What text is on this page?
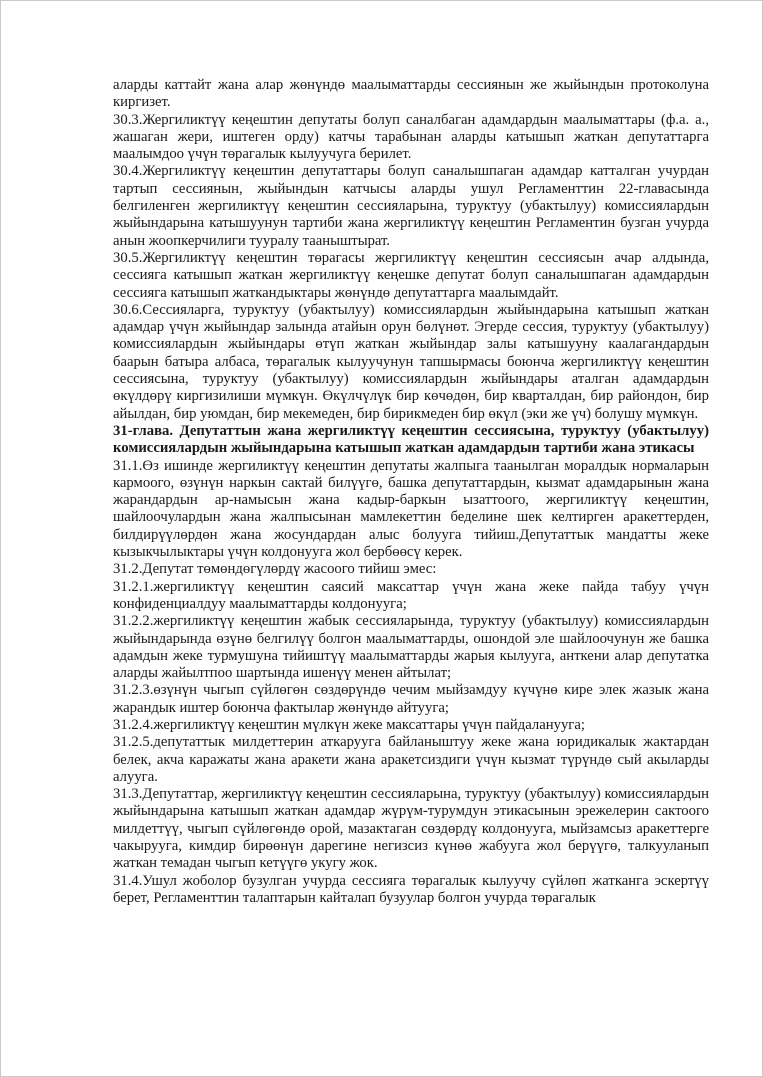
аларды каттайт жана алар жөнүндө маалыматтарды сессиянын же жыйындын протоколуна киргизет.

30.3.Жергиликтүү кеңештин депутаты болуп саналбаган адамдардын маалыматтары (ф.а. а., жашаган жери, иштеген орду) катчы тарабынан аларды катышып жаткан депутаттарга маалымдоо үчүн төрагалык кылуучуга берилет.

30.4.Жергиликтүү кеңештин депутаттары болуп саналышпаган адамдар катталган учурдан тартып сессиянын, жыйындын катчысы аларды ушул Регламенттин 22-главасында белгиленген жергиликтүү кеңештин сессияларына, туруктуу (убактылуу) комиссиялардын жыйындарына катышуунун тартиби жана жергиликтүү кеңештин Регламентин бузган учурда анын жоопкерчилиги тууралу тааныштырат.

30.5.Жергиликтүү кеңештин төрагасы жергиликтүү кеңештин сессиясын ачар алдында, сессияга катышып жаткан жергиликтүү кеңешке депутат болуп саналышпаган адамдардын сессияга катышып жаткандыктары жөнүндө депутаттарга маалымдайт.

30.6.Сессияларга, туруктуу (убактылуу) комиссиялардын жыйындарына катышып жаткан адамдар үчүн жыйындар залында атайын орун бөлүнөт. Эгерде сессия, туруктуу (убактылуу) комиссиялардын жыйындары өтүп жаткан жыйындар залы катышууну каалагандардын баарын батыра албаса, төрагалык кылуучунун тапшырмасы боюнча жергиликтүү кеңештин сессиясына, туруктуу (убактылуу) комиссиялардын жыйындары аталган адамдардын өкүлдөрү киргизилиши мүмкүн. Өкүлчүлүк бир көчөдөн, бир кварталдан, бир райондон, бир айылдан, бир уюмдан, бир мекемеден, бир бирикмеден бир өкүл (эки же үч) болушу мүмкүн.

31-глава. Депутаттын жана жергиликтүү кеңештин сессиясына, туруктуу (убактылуу) комиссиялардын жыйындарына катышып жаткан адамдардын тартиби жана этикасы

31.1.Өз ишинде жергиликтүү кеңештин депутаты жалпыга таанылган моралдык нормаларын кармоого, өзүнүн наркын сактай билүүгө, башка депутаттардын, кызмат адамдарынын жана жарандардын ар-намысын жана кадыр-баркын ызаттоого, жергиликтүү кеңештин, шайлоочулардын жана жалпысынан мамлекеттин беделине шек келтирген аракеттерден, билдирүүлөрдөн жана жосундардан алыс болууга тийиш.Депутаттык мандатты жеке кызыкчылыктары үчүн колдонууга жол бербөөсү керек.

31.2.Депутат төмөндөгүлөрдү жасоого тийиш эмес:

31.2.1.жергиликтүү кеңештин саясий максаттар үчүн жана жеке пайда табуу үчүн конфиденциалдуу маалыматтарды колдонууга;

31.2.2.жергиликтүү кеңештин жабык сессияларында, туруктуу (убактылуу) комиссиялардын жыйындарында өзүнө белгилүү болгон маалыматтарды, ошондой эле шайлоочунун же башка адамдын жеке турмушуна тийиштүү маалыматтарды жарыя кылууга, анткени алар депутатка аларды жайылтпоо шартында ишенүү менен айтылат;

31.2.3.өзүнүн чыгып сүйлөгөн сөздөрүндө чечим мыйзамдуу күчүнө кире элек жазык жана жарандык иштер боюнча фактылар жөнүндө айтууга;

31.2.4.жергиликтүү кеңештин мүлкүн жеке максаттары үчүн пайдаланууга;

31.2.5.депутаттык милдеттерин аткарууга байланыштуу жеке жана юридикалык жактардан белек, акча каражаты жана аракети жана аракетсиздиги үчүн кызмат түрүндө сый акыларды алууга.

31.3.Депутаттар, жергиликтүү кеңештин сессияларына, туруктуу (убактылуу) комиссиялардын жыйындарына катышып жаткан адамдар жүрүм-турумдун этикасынын эрежелерин сактоого милдеттүү, чыгып сүйлөгөндө орой, мазактаган сөздөрдү колдонууга, мыйзамсыз аракеттерге чакырууга, кимдир бирөөнүн дарегине негизсиз күнөө жабууга жол берүүгө, талкууланып жаткан темадан чыгып кетүүгө укугу жок.

31.4.Ушул жоболор бузулган учурда сессияга төрагалык кылуучу сүйлөп жатканга эскертүү берет, Регламенттин талаптарын кайталап бузуулар болгон учурда төрагалык
